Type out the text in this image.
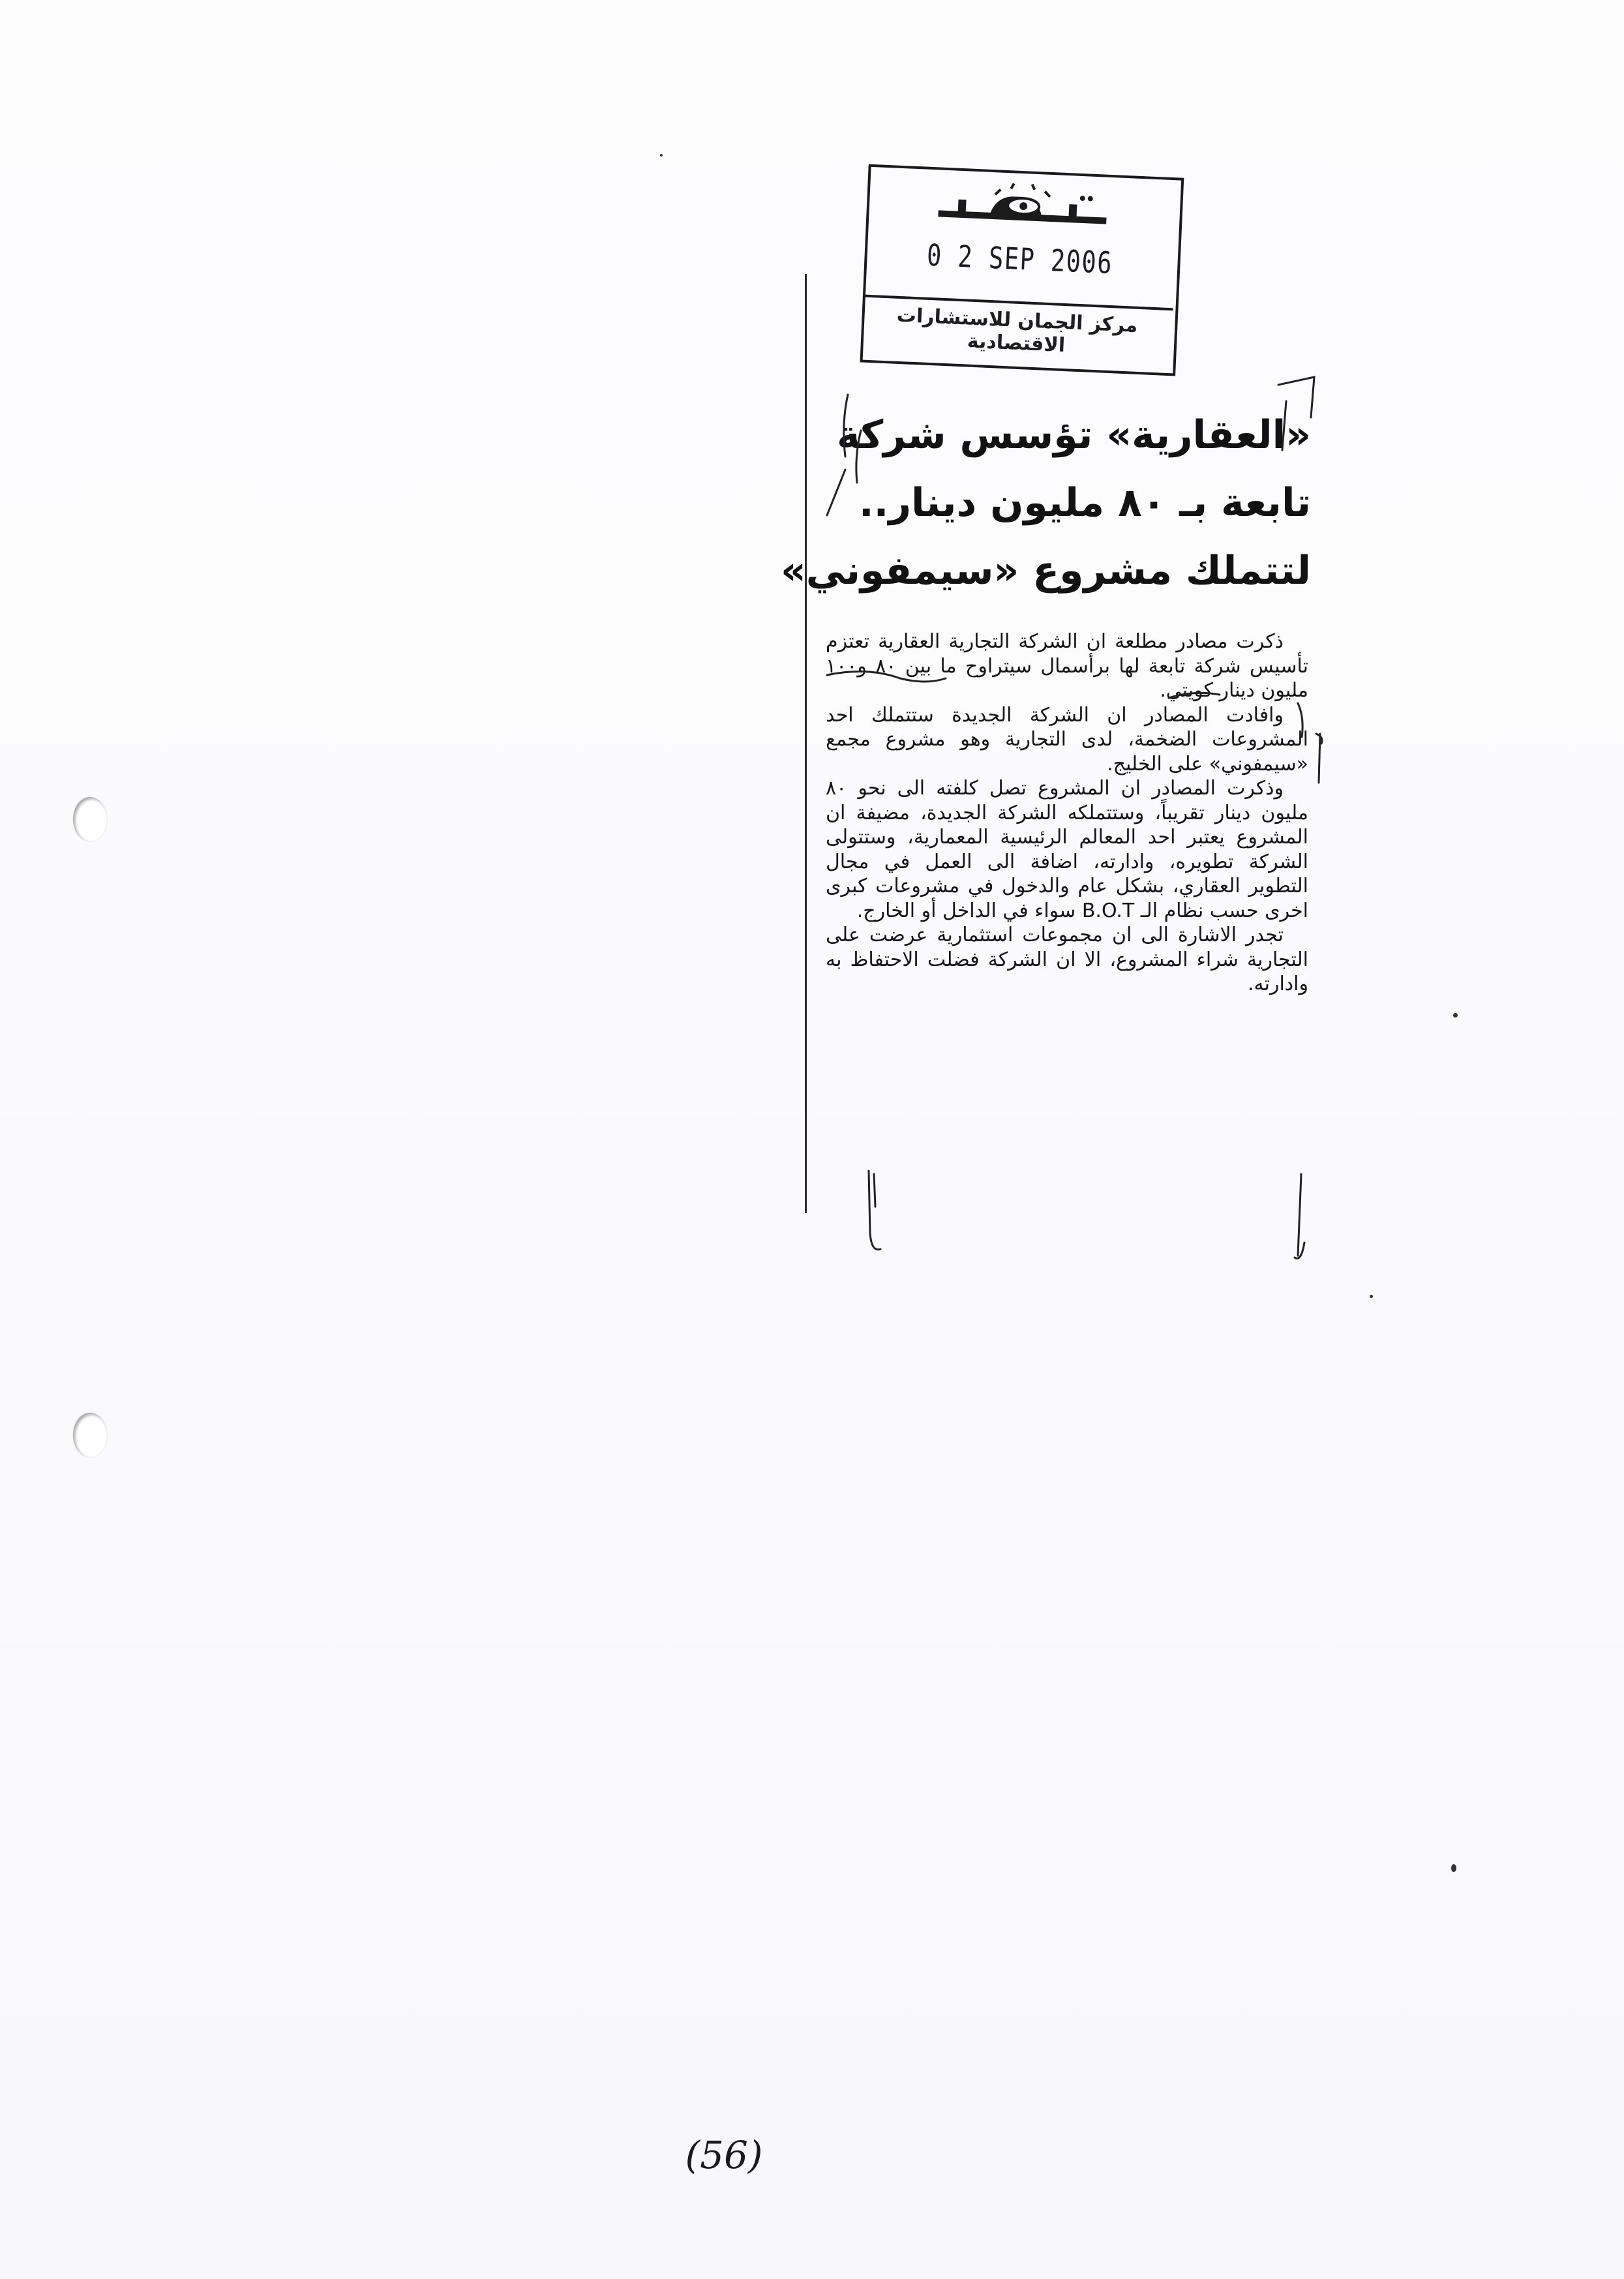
0 2 SEP 2006
مركز الجمان للاستشارات الاقتصادية
«العقارية» تؤسس شركة
تابعة بـ ٨٠ مليون دينار..
لتتملك مشروع «سيمفوني»

ذكرت مصادر مطلعة ان الشركة التجارية العقارية تعتزم تأسيس شركة تابعة لها برأسمال سيتراوح ما بين ٨٠ و١٠٠ مليون دينار كويتي.

وافادت المصادر ان الشركة الجديدة ستتملك احد المشروعات الضخمة، لدى التجارية وهو مشروع مجمع «سيمفوني» على الخليج.

وذكرت المصادر ان المشروع تصل كلفته الى نحو ٨٠ مليون دينار تقريباً، وستتملكه الشركة الجديدة، مضيفة ان المشروع يعتبر احد المعالم الرئيسية المعمارية، وستتولى الشركة تطويره، وادارته، اضافة الى العمل في مجال التطوير العقاري، بشكل عام والدخول في مشروعات كبرى اخرى حسب نظام الـ B.O.T سواء في الداخل أو الخارج.

تجدر الاشارة الى ان مجموعات استثمارية عرضت على التجارية شراء المشروع، الا ان الشركة فضلت الاحتفاظ به وادارته.

(56)
